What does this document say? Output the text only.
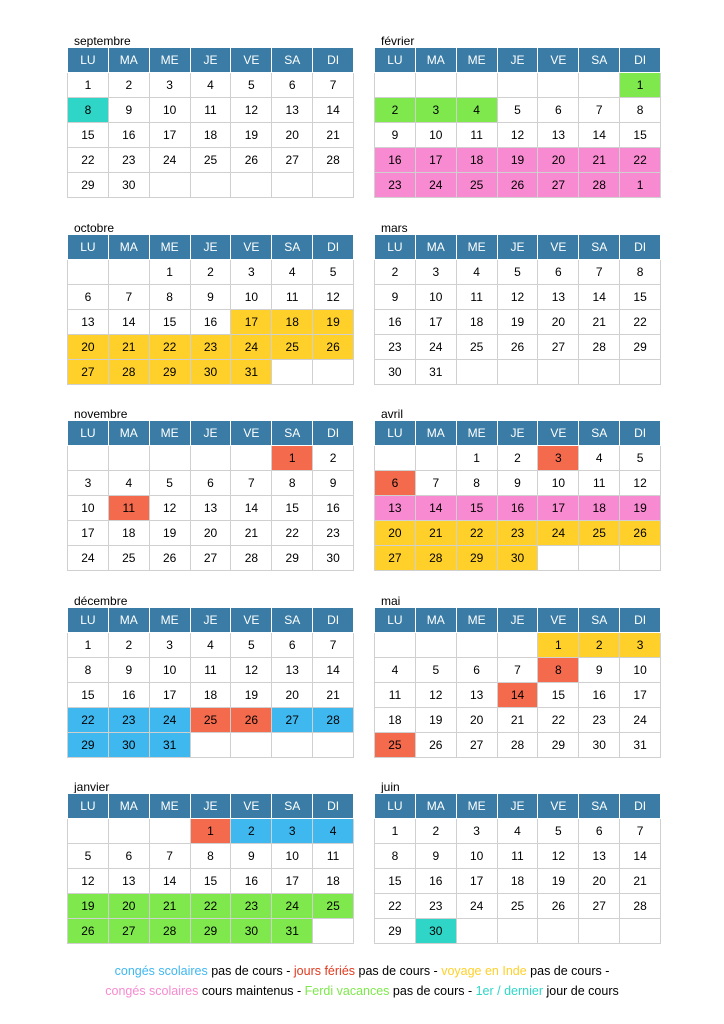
septembre
LU	MA	ME	JE	VE	SA	DI
1	2	3	4	5	6	7
8	9	10	11	12	13	14
15	16	17	18	19	20	21
22	23	24	25	26	27	28
29	30					
février
LU	MA	ME	JE	VE	SA	DI
						1
2	3	4	5	6	7	8
9	10	11	12	13	14	15
16	17	18	19	20	21	22
23	24	25	26	27	28	1
octobre
LU	MA	ME	JE	VE	SA	DI
		1	2	3	4	5
6	7	8	9	10	11	12
13	14	15	16	17	18	19
20	21	22	23	24	25	26
27	28	29	30	31		
mars
LU	MA	ME	JE	VE	SA	DI
2	3	4	5	6	7	8
9	10	11	12	13	14	15
16	17	18	19	20	21	22
23	24	25	26	27	28	29
30	31					
novembre
LU	MA	ME	JE	VE	SA	DI
					1	2
3	4	5	6	7	8	9
10	11	12	13	14	15	16
17	18	19	20	21	22	23
24	25	26	27	28	29	30
avril
LU	MA	ME	JE	VE	SA	DI
		1	2	3	4	5
6	7	8	9	10	11	12
13	14	15	16	17	18	19
20	21	22	23	24	25	26
27	28	29	30			
décembre
LU	MA	ME	JE	VE	SA	DI
1	2	3	4	5	6	7
8	9	10	11	12	13	14
15	16	17	18	19	20	21
22	23	24	25	26	27	28
29	30	31				
mai
LU	MA	ME	JE	VE	SA	DI
				1	2	3
4	5	6	7	8	9	10
11	12	13	14	15	16	17
18	19	20	21	22	23	24
25	26	27	28	29	30	31
janvier
LU	MA	ME	JE	VE	SA	DI
			1	2	3	4
5	6	7	8	9	10	11
12	13	14	15	16	17	18
19	20	21	22	23	24	25
26	27	28	29	30	31	
juin
LU	MA	ME	JE	VE	SA	DI
1	2	3	4	5	6	7
8	9	10	11	12	13	14
15	16	17	18	19	20	21
22	23	24	25	26	27	28
29	30					
congés scolaires pas de cours - jours fériés pas de cours - voyage en Inde pas de cours -
congés scolaires cours maintenus - Ferdi vacances pas de cours - 1er / dernier jour de cours
